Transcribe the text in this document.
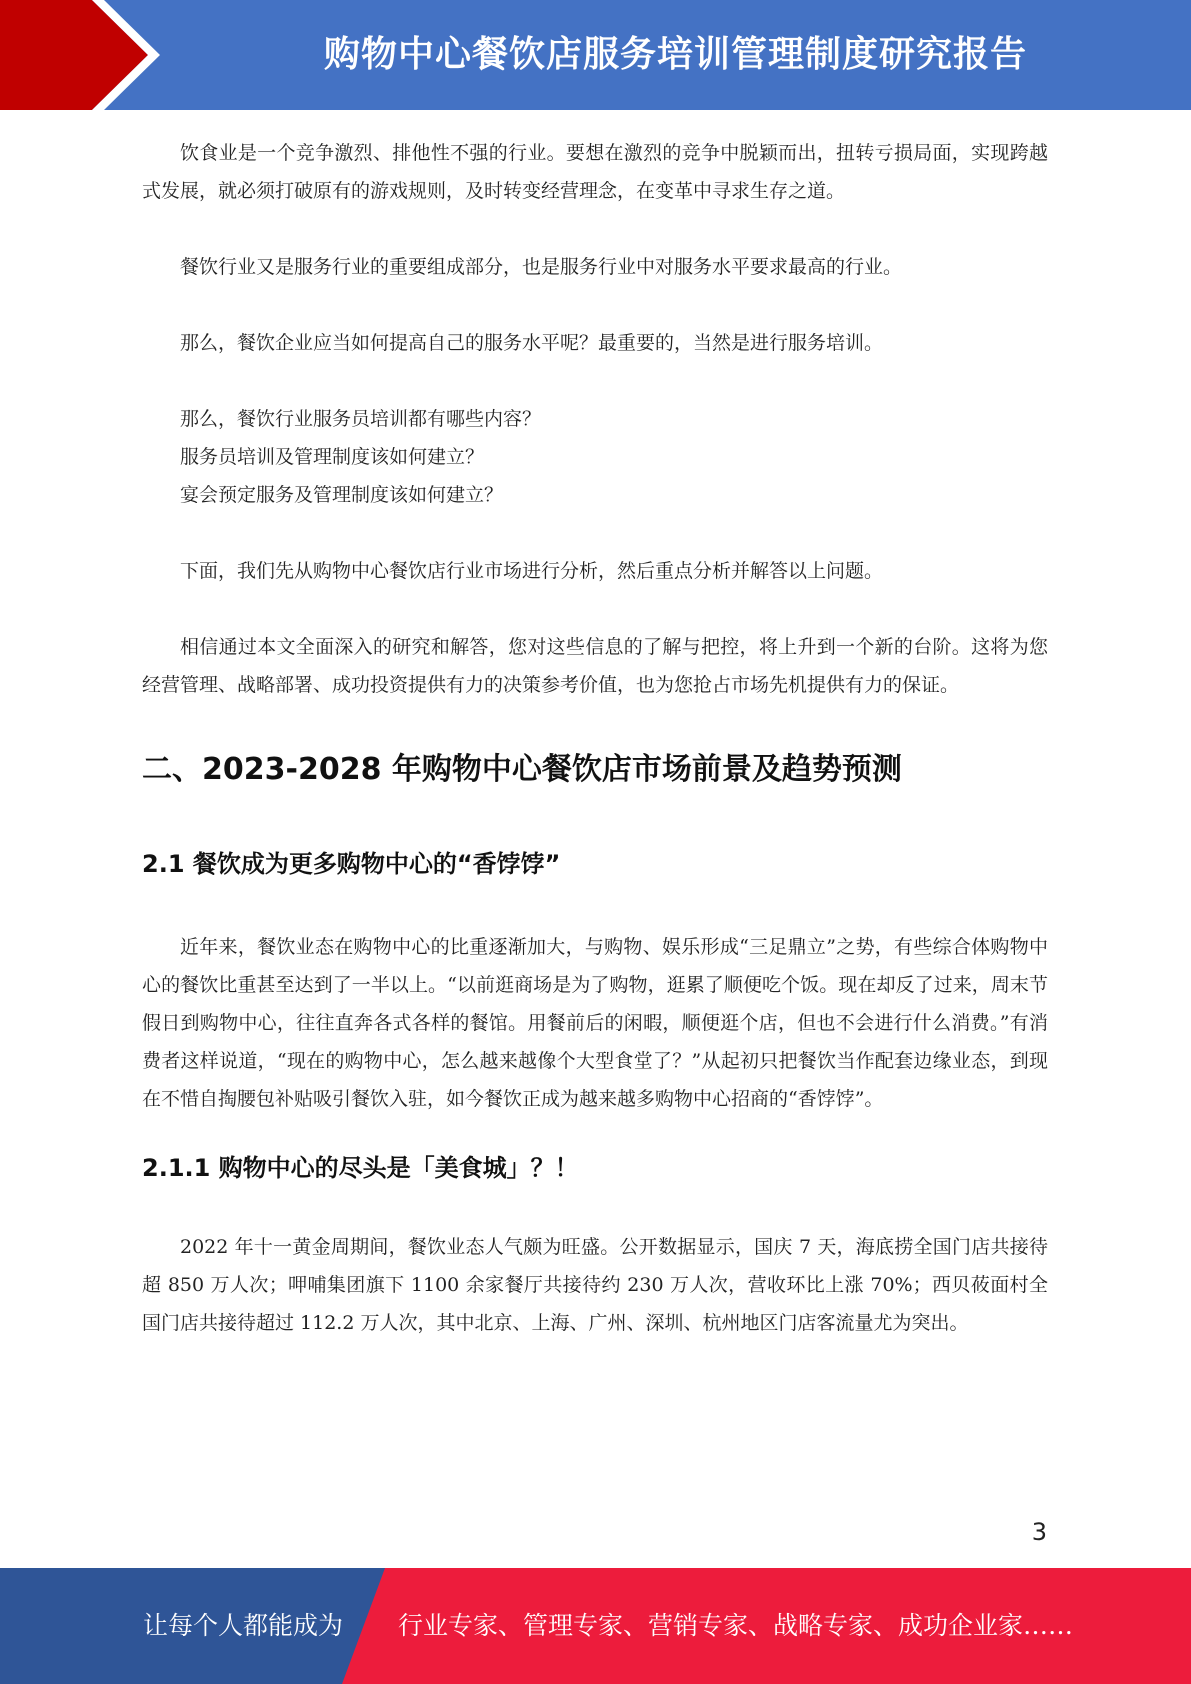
购物中心餐饮店服务培训管理制度研究报告

饮食业是一个竞争激烈、排他性不强的行业。要想在激烈的竞争中脱颖而出，扭转亏损局面，实现跨越式发展，就必须打破原有的游戏规则，及时转变经营理念，在变革中寻求生存之道。

餐饮行业又是服务行业的重要组成部分，也是服务行业中对服务水平要求最高的行业。

那么，餐饮企业应当如何提高自己的服务水平呢？最重要的，当然是进行服务培训。

那么，餐饮行业服务员培训都有哪些内容？

服务员培训及管理制度该如何建立？

宴会预定服务及管理制度该如何建立？

下面，我们先从购物中心餐饮店行业市场进行分析，然后重点分析并解答以上问题。

相信通过本文全面深入的研究和解答，您对这些信息的了解与把控，将上升到一个新的台阶。这将为您经营管理、战略部署、成功投资提供有力的决策参考价值，也为您抢占市场先机提供有力的保证。

二、2023-2028 年购物中心餐饮店市场前景及趋势预测
2.1 餐饮成为更多购物中心的“香饽饽”

近年来，餐饮业态在购物中心的比重逐渐加大，与购物、娱乐形成“三足鼎立”之势，有些综合体购物中心的餐饮比重甚至达到了一半以上。“以前逛商场是为了购物，逛累了顺便吃个饭。现在却反了过来，周末节假日到购物中心，往往直奔各式各样的餐馆。用餐前后的闲暇，顺便逛个店，但也不会进行什么消费。”有消费者这样说道，“现在的购物中心，怎么越来越像个大型食堂了？”从起初只把餐饮当作配套边缘业态，到现在不惜自掏腰包补贴吸引餐饮入驻，如今餐饮正成为越来越多购物中心招商的“香饽饽”。

2.1.1 购物中心的尽头是「美食城」？！

2022 年十一黄金周期间，餐饮业态人气颇为旺盛。公开数据显示，国庆 7 天，海底捞全国门店共接待超 850 万人次；呷哺集团旗下 1100 余家餐厅共接待约 230 万人次，营收环比上涨 70%；西贝莜面村全国门店共接待超过 112.2 万人次，其中北京、上海、广州、深圳、杭州地区门店客流量尤为突出。

3
让每个人都能成为 行业专家、管理专家、营销专家、战略专家、成功企业家……
